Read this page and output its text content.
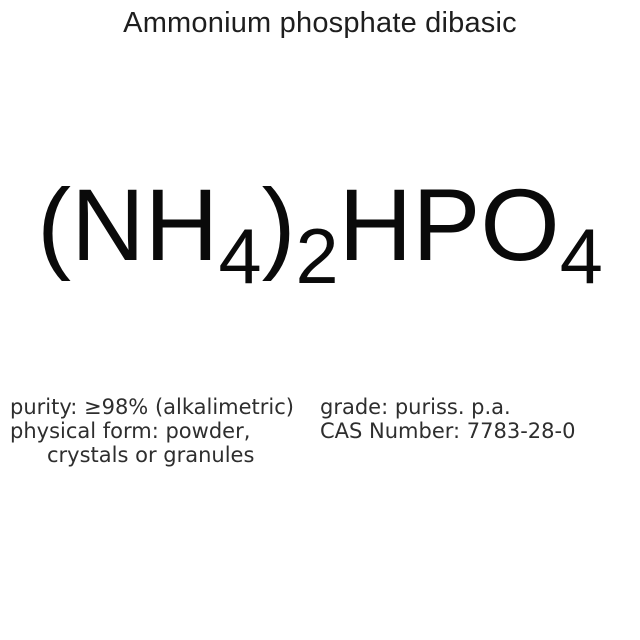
Ammonium phosphate dibasic
$(NH_4)_2HPO_4$
purity: ≥98% (alkalimetric)
physical form: powder,
crystals or granules
grade: puriss. p.a.
CAS Number: 7783-28-0
